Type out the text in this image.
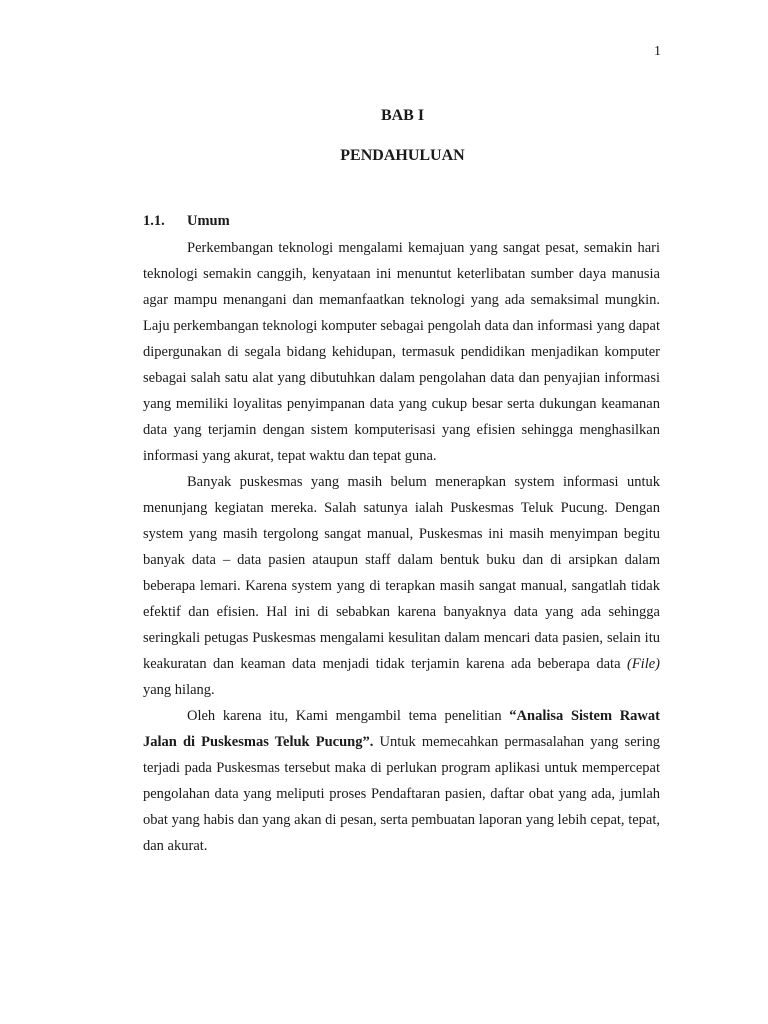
1
BAB I
PENDAHULUAN
1.1. Umum

Perkembangan teknologi mengalami kemajuan yang sangat pesat, semakin hari teknologi semakin canggih, kenyataan ini menuntut keterlibatan sumber daya manusia agar mampu menangani dan memanfaatkan teknologi yang ada semaksimal mungkin. Laju perkembangan teknologi komputer sebagai pengolah data dan informasi yang dapat dipergunakan di segala bidang kehidupan, termasuk pendidikan menjadikan komputer sebagai salah satu alat yang dibutuhkan dalam pengolahan data dan penyajian informasi yang memiliki loyalitas penyimpanan data yang cukup besar serta dukungan keamanan data yang terjamin dengan sistem komputerisasi yang efisien sehingga menghasilkan informasi yang akurat, tepat waktu dan tepat guna.

Banyak puskesmas yang masih belum menerapkan system informasi untuk menunjang kegiatan mereka. Salah satunya ialah Puskesmas Teluk Pucung. Dengan system yang masih tergolong sangat manual, Puskesmas ini masih menyimpan begitu banyak data – data pasien ataupun staff dalam bentuk buku dan di arsipkan dalam beberapa lemari. Karena system yang di terapkan masih sangat manual, sangatlah tidak efektif dan efisien. Hal ini di sebabkan karena banyaknya data yang ada sehingga seringkali petugas Puskesmas mengalami kesulitan dalam mencari data pasien, selain itu keakuratan dan keaman data menjadi tidak terjamin karena ada beberapa data (File) yang hilang.

Oleh karena itu, Kami mengambil tema penelitian “Analisa Sistem Rawat Jalan di Puskesmas Teluk Pucung”. Untuk memecahkan permasalahan yang sering terjadi pada Puskesmas tersebut maka di perlukan program aplikasi untuk mempercepat pengolahan data yang meliputi proses Pendaftaran pasien, daftar obat yang ada, jumlah obat yang habis dan yang akan di pesan, serta pembuatan laporan yang lebih cepat, tepat, dan akurat.
